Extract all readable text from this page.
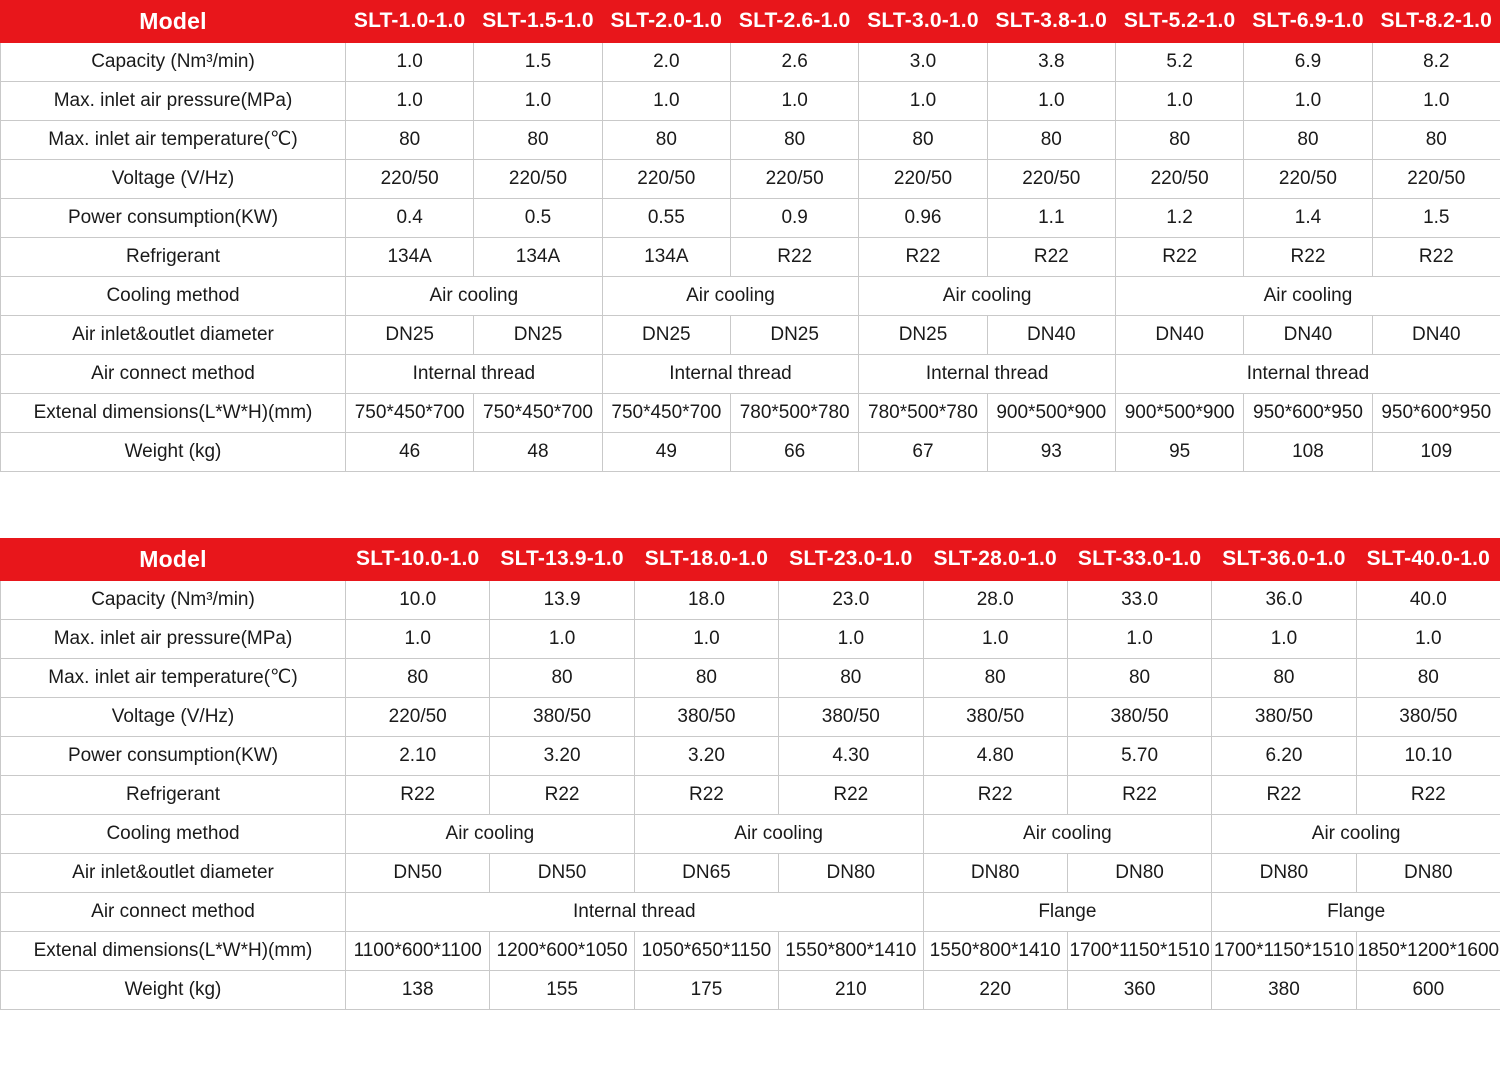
Model	SLT-1.0-1.0	SLT-1.5-1.0	SLT-2.0-1.0	SLT-2.6-1.0	SLT-3.0-1.0	SLT-3.8-1.0	SLT-5.2-1.0	SLT-6.9-1.0	SLT-8.2-1.0
Capacity (Nm³/min)	1.0	1.5	2.0	2.6	3.0	3.8	5.2	6.9	8.2
Max. inlet air pressure(MPa)	1.0	1.0	1.0	1.0	1.0	1.0	1.0	1.0	1.0
Max. inlet air temperature(℃)	80	80	80	80	80	80	80	80	80
Voltage (V/Hz)	220/50	220/50	220/50	220/50	220/50	220/50	220/50	220/50	220/50
Power consumption(KW)	0.4	0.5	0.55	0.9	0.96	1.1	1.2	1.4	1.5
Refrigerant	134A	134A	134A	R22	R22	R22	R22	R22	R22
Cooling method	Air cooling		Air cooling		Air cooling		Air cooling		
Air inlet&outlet diameter	DN25	DN25	DN25	DN25	DN25	DN40	DN40	DN40	DN40
Air connect method	Internal thread		Internal thread		Internal thread		Internal thread		
Extenal dimensions(L*W*H)(mm)	750*450*700	750*450*700	750*450*700	780*500*780	780*500*780	900*500*900	900*500*900	950*600*950	950*600*950
Weight (kg)	46	48	49	66	67	93	95	108	109
Model	SLT-10.0-1.0	SLT-13.9-1.0	SLT-18.0-1.0	SLT-23.0-1.0	SLT-28.0-1.0	SLT-33.0-1.0	SLT-36.0-1.0	SLT-40.0-1.0
Capacity (Nm³/min)	10.0	13.9	18.0	23.0	28.0	33.0	36.0	40.0
Max. inlet air pressure(MPa)	1.0	1.0	1.0	1.0	1.0	1.0	1.0	1.0
Max. inlet air temperature(℃)	80	80	80	80	80	80	80	80
Voltage (V/Hz)	220/50	380/50	380/50	380/50	380/50	380/50	380/50	380/50
Power consumption(KW)	2.10	3.20	3.20	4.30	4.80	5.70	6.20	10.10
Refrigerant	R22	R22	R22	R22	R22	R22	R22	R22
Cooling method	Air cooling		Air cooling		Air cooling		Air cooling	
Air inlet&outlet diameter	DN50	DN50	DN65	DN80	DN80	DN80	DN80	DN80
Air connect method	Internal thread				Flange		Flange	
Extenal dimensions(L*W*H)(mm)	1100*600*1100	1200*600*1050	1050*650*1150	1550*800*1410	1550*800*1410	1700*1150*1510	1700*1150*1510	1850*1200*1600
Weight (kg)	138	155	175	210	220	360	380	600
